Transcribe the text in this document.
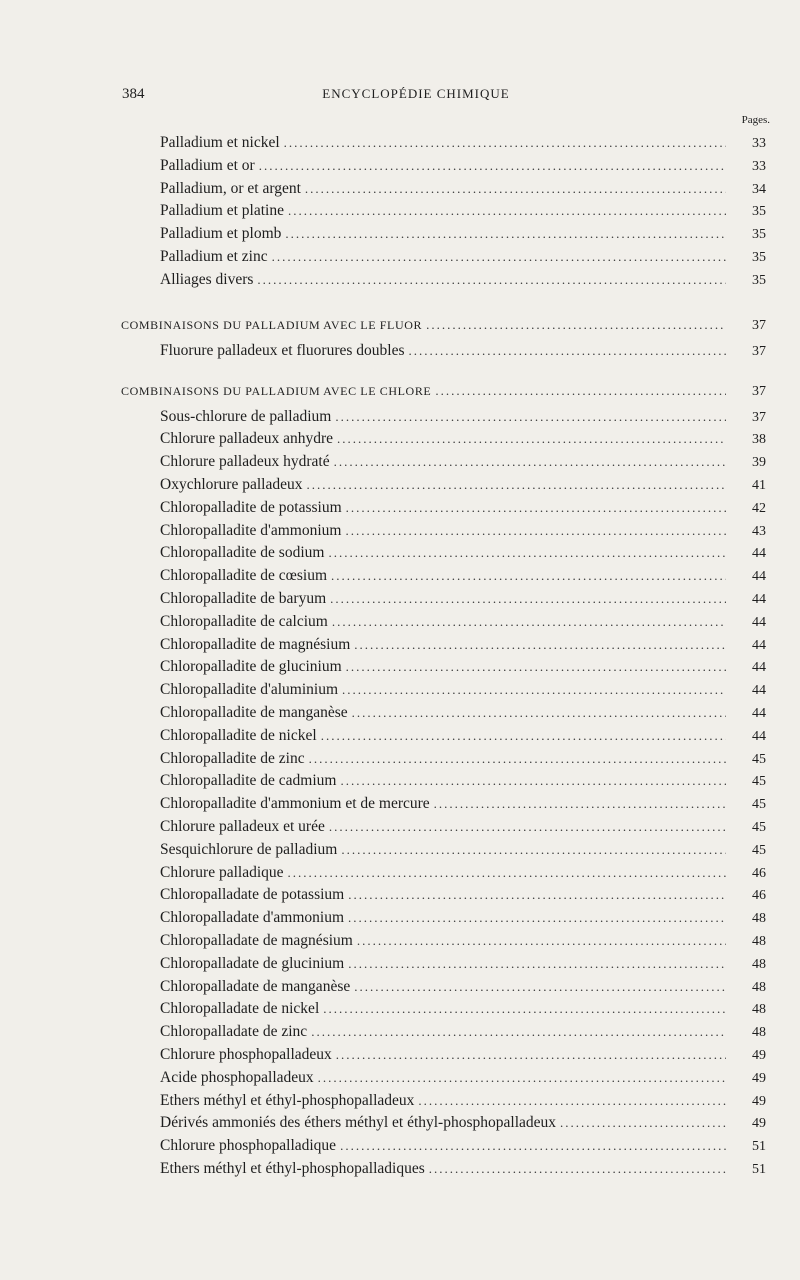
384	ENCYCLOPÉDIE CHIMIQUE
Pages.
Palladium et nickel .....	33
Palladium et or .....	33
Palladium, or et argent .....	34
Palladium et platine .....	35
Palladium et plomb .....	35
Palladium et zinc .....	35
Alliages divers .....	35
COMBINAISONS DU PALLADIUM AVEC LE FLUOR .....	37
Fluorure palladeux et fluorures doubles .....	37
COMBINAISONS DU PALLADIUM AVEC LE CHLORE .....	37
Sous-chlorure de palladium .....	37
Chlorure palladeux anhydre .....	38
Chlorure palladeux hydraté .....	39
Oxychlorure palladeux .....	41
Chloropalladite de potassium .....	42
Chloropalladite d'ammonium .....	43
Chloropalladite de sodium .....	44
Chloropalladite de cœsium .....	44
Chloropalladite de baryum .....	44
Chloropalladite de calcium .....	44
Chloropalladite de magnésium .....	44
Chloropalladite de glucinium .....	44
Chloropalladite d'aluminium .....	44
Chloropalladite de manganèse .....	44
Chloropalladite de nickel .....	44
Chloropalladite de zinc .....	45
Chloropalladite de cadmium .....	45
Chloropalladite d'ammonium et de mercure .....	45
Chlorure palladeux et urée .....	45
Sesquichlorure de palladium .....	45
Chlorure palladique .....	46
Chloropalladate de potassium .....	46
Chloropalladate d'ammonium .....	48
Chloropalladate de magnésium .....	48
Chloropalladate de glucinium .....	48
Chloropalladate de manganèse .....	48
Chloropalladate de nickel .....	48
Chloropalladate de zinc .....	48
Chlorure phosphopalladeux .....	49
Acide phosphopalladeux .....	49
Ethers méthyl et éthyl-phosphopalladeux .....	49
Dérivés ammoniés des éthers méthyl et éthyl-phosphopalladeux .....	49
Chlorure phosphopalladique .....	51
Ethers méthyl et éthyl-phosphopalladiques .....	51
